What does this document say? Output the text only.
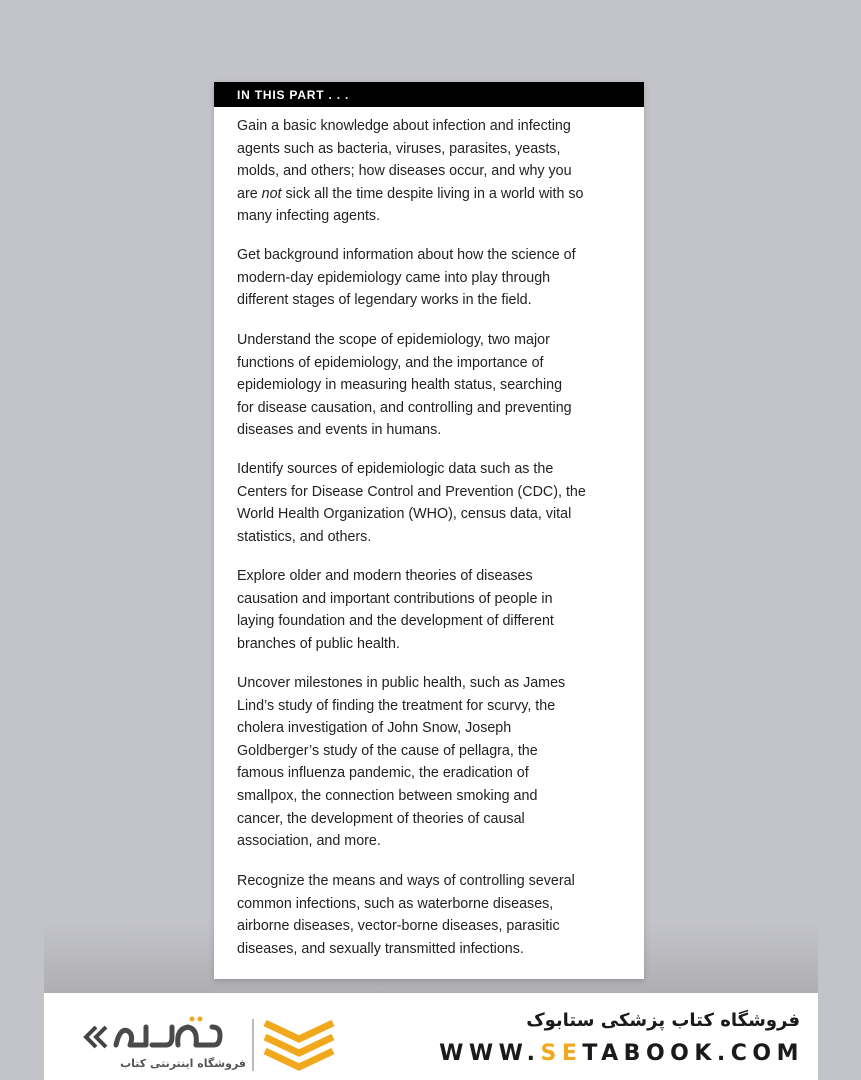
IN THIS PART . . .

Gain a basic knowledge about infection and infecting
agents such as bacteria, viruses, parasites, yeasts,
molds, and others; how diseases occur, and why you
are not sick all the time despite living in a world with so
many infecting agents.

Get background information about how the science of
modern-day epidemiology came into play through
different stages of legendary works in the field.

Understand the scope of epidemiology, two major
functions of epidemiology, and the importance of
epidemiology in measuring health status, searching
for disease causation, and controlling and preventing
diseases and events in humans.

Identify sources of epidemiologic data such as the
Centers for Disease Control and Prevention (CDC), the
World Health Organization (WHO), census data, vital
statistics, and others.

Explore older and modern theories of diseases
causation and important contributions of people in
laying foundation and the development of different
branches of public health.

Uncover milestones in public health, such as James
Lind’s study of finding the treatment for scurvy, the
cholera investigation of John Snow, Joseph
Goldberger’s study of the cause of pellagra, the
famous influenza pandemic, the eradication of
smallpox, the connection between smoking and
cancer, the development of theories of causal
association, and more.

Recognize the means and ways of controlling several
common infections, such as waterborne diseases,
airborne diseases, vector-borne diseases, parasitic
diseases, and sexually transmitted infections.

فروشگاه کتاب پزشکی ستابوک
WWW.SETABOOK.COM
فروشگاه اینترنتی کتاب
